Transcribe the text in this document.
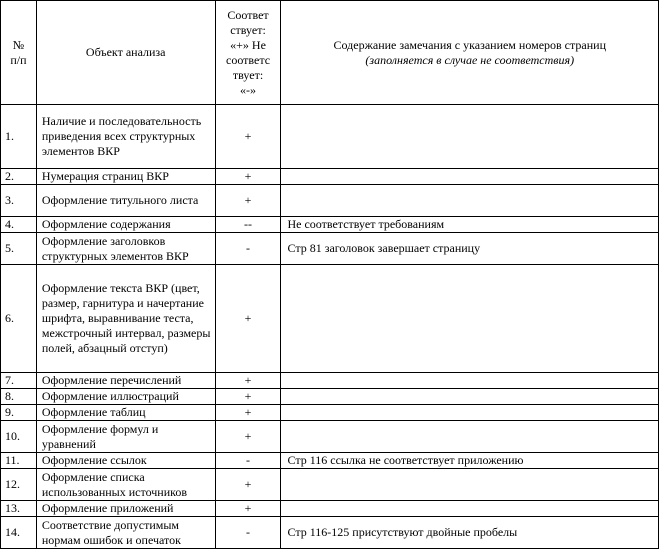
№ п/п	Объект анализа	Соответ ствует: «+» Не соответс твует: «-»	Содержание замечания с указанием номеров страниц
(заполняется в случае не соответствия)

1.	Наличие и последовательность приведения всех структурных элементов ВКР	+	
2.	Нумерация страниц ВКР	+	
3.	Оформление титульного листа	+	
4.	Оформление содержания	--	Не соответствует требованиям
5.	Оформление заголовков структурных элементов ВКР	-	Стр 81 заголовок завершает страницу
6.	Оформление текста ВКР (цвет, размер, гарнитура и начертание шрифта, выравнивание теста, межстрочный интервал, размеры полей, абзацный отступ)	+	
7.	Оформление перечислений	+	
8.	Оформление иллюстраций	+	
9.	Оформление таблиц	+	
10.	Оформление формул и уравнений	+	
11.	Оформление ссылок	-	Стр 116 ссылка не соответствует приложению
12.	Оформление списка использованных источников	+	
13.	Оформление приложений	+	
14.	Соответствие допустимым нормам ошибок и опечаток	-	Стр 116-125 присутствуют двойные пробелы
